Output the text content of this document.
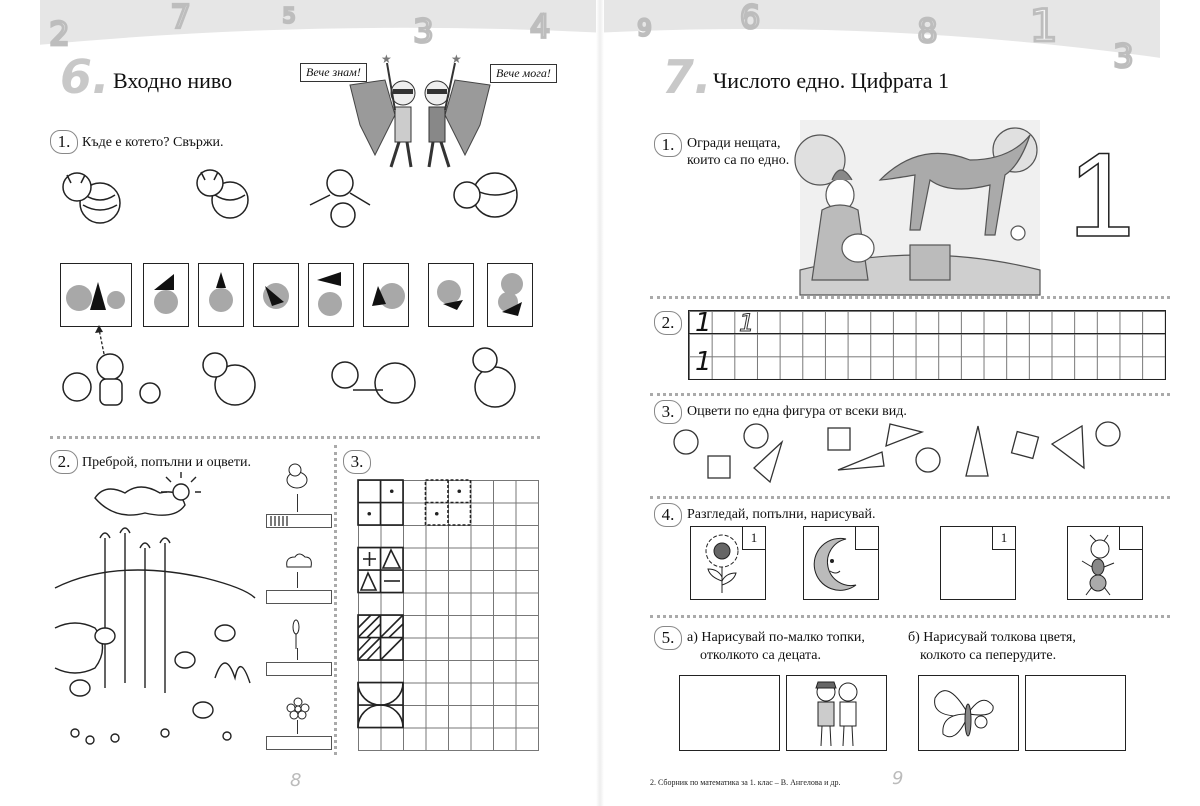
2	7	5	3	4	9	6	8 1
3
6. Входно ниво	Вече знам!	Вече мога!
★	★
1. Къде е котето? Свържи.
2. Преброй, попълни и оцвети.	3.
8
7. Числото едно. Цифрата 1
1. Огради нещата,
които са по едно. 1
2. 1 1
1
3. Оцвети по една фигура от всеки вид.
4. Разгледай, попълни, нарисувай.
1	1
5. а) Нарисувай по-малко топки,
отколкото са децата.
б) Нарисувай толкова цветя,
колкото са пеперудите.
2. Сборник по математика за 1. клас – В. Ангелова и др.	9
